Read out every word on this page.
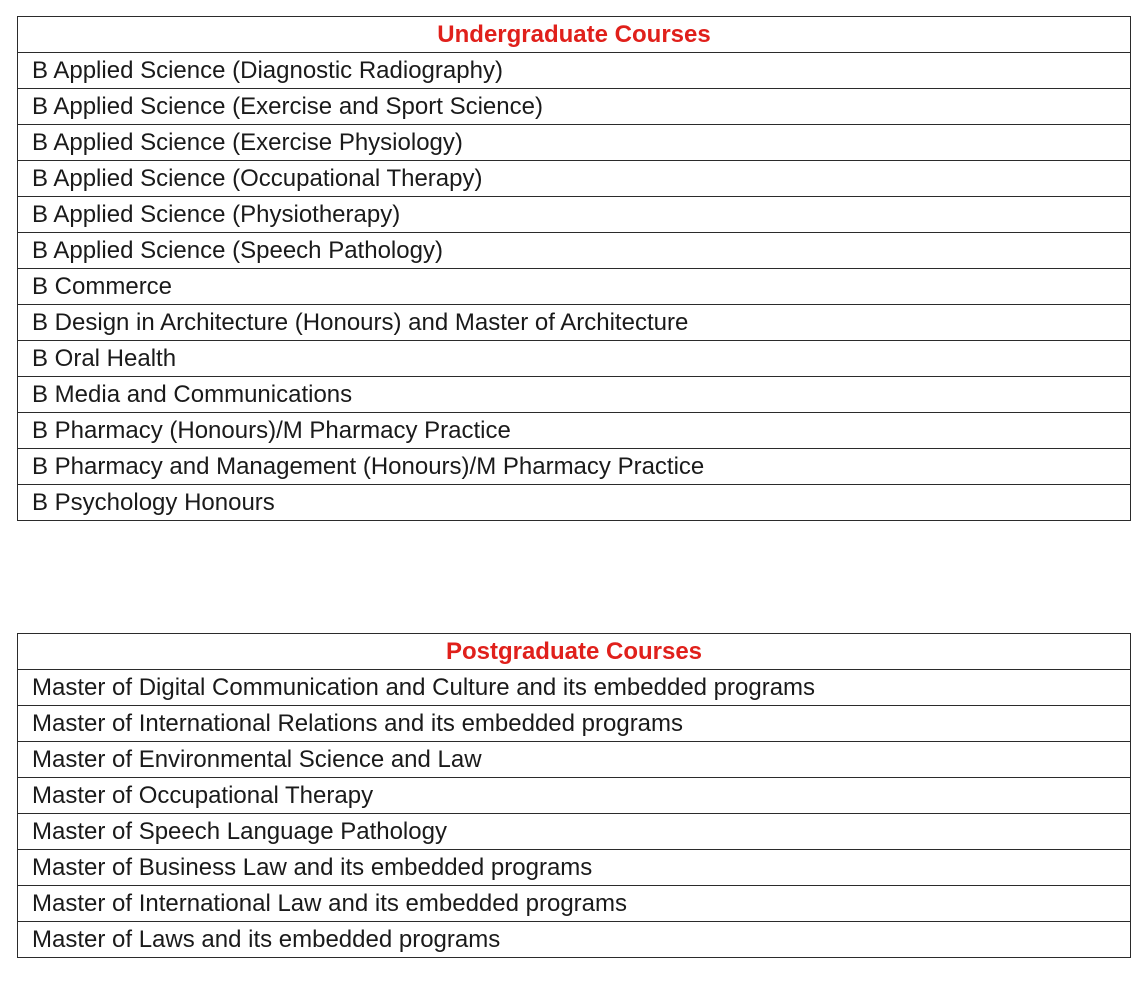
Undergraduate Courses
B Applied Science (Diagnostic Radiography)
B Applied Science (Exercise and Sport Science)
B Applied Science (Exercise Physiology)
B Applied Science (Occupational Therapy)
B Applied Science (Physiotherapy)
B Applied Science (Speech Pathology)
B Commerce
B Design in Architecture (Honours) and Master of Architecture
B Oral Health
B Media and Communications
B Pharmacy (Honours)/M Pharmacy Practice
B Pharmacy and Management (Honours)/M Pharmacy Practice
B Psychology Honours
Postgraduate Courses
Master of Digital Communication and Culture and its embedded programs
Master of International Relations and its embedded programs
Master of Environmental Science and Law
Master of Occupational Therapy
Master of Speech Language Pathology
Master of Business Law and its embedded programs
Master of International Law and its embedded programs
Master of Laws and its embedded programs
